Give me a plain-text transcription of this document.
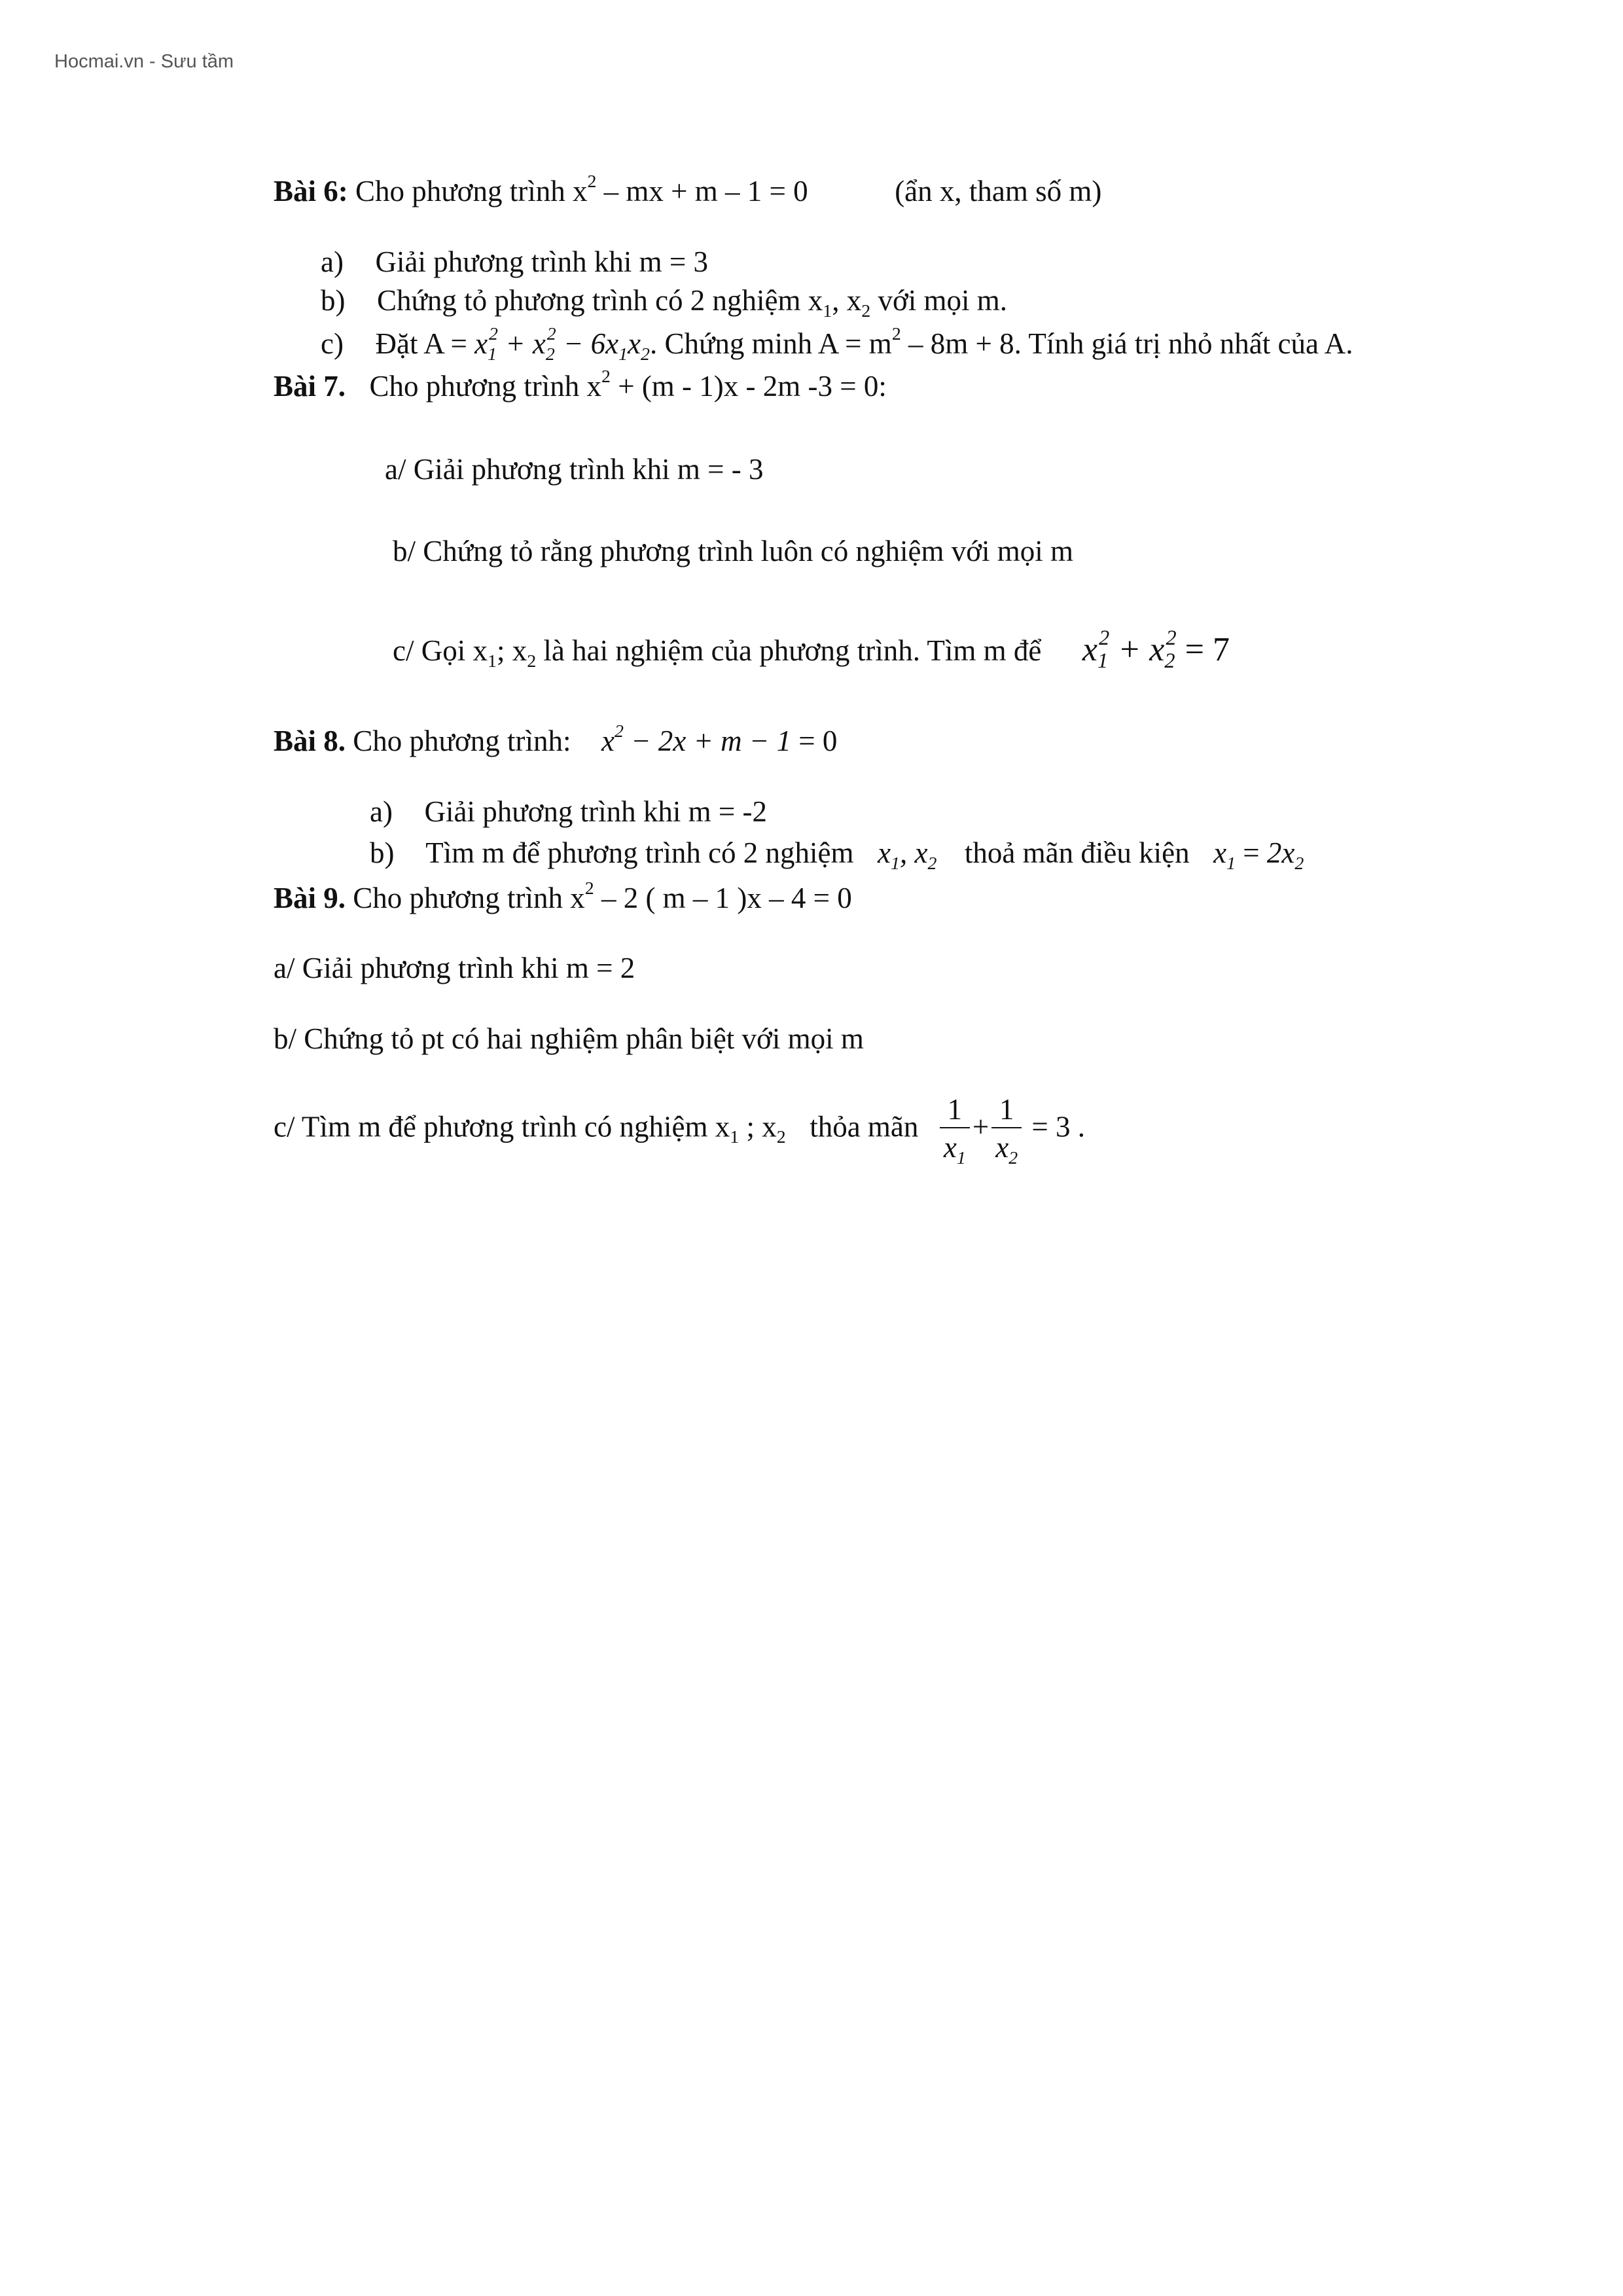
Hocmai.vn - Sưu tầm
Bài 6: Cho phương trình $x^2$ – mx + m – 1 = 0	(ẩn x, tham số m)
a) Giải phương trình khi m = 3
b) Chứng tỏ phương trình có 2 nghiệm $x_1$, $x_2$ với mọi m.
c) Đặt $A = x_1^2 + x_2^2 - 6x_1x_2$. Chứng minh $A = m^2 - 8m + 8$. Tính giá trị nhỏ nhất của A.
Bài 7. Cho phương trình $x^2 + (m - 1)x - 2m$ -3 = 0:
a/ Giải phương trình khi m = - 3
b/ Chứng tỏ rằng phương trình luôn có nghiệm với mọi m
c/ Gọi $x_1$; $x_2$ là hai nghiệm của phương trình. Tìm m để $x_1^2 + x_2^2 = 7$
Bài 8. Cho phương trình: $x^2 - 2x + m - 1 = 0$
a) Giải phương trình khi m = -2
b) Tìm m để phương trình có 2 nghiệm $x_1$, $x_2$ thoả mãn điều kiện $x_1 = 2x_2$
Bài 9. Cho phương trình $x^2 - 2$ ( m – 1 )x – 4 = 0
a/ Giải phương trình khi m = 2
b/ Chứng tỏ pt có hai nghiệm phân biệt với mọi m
c/ Tìm m để phương trình có nghiệm $x_1$ ; $x_2$ thỏa mãn $\frac{1}{x_1} + \frac{1}{x_2} = 3$ .
